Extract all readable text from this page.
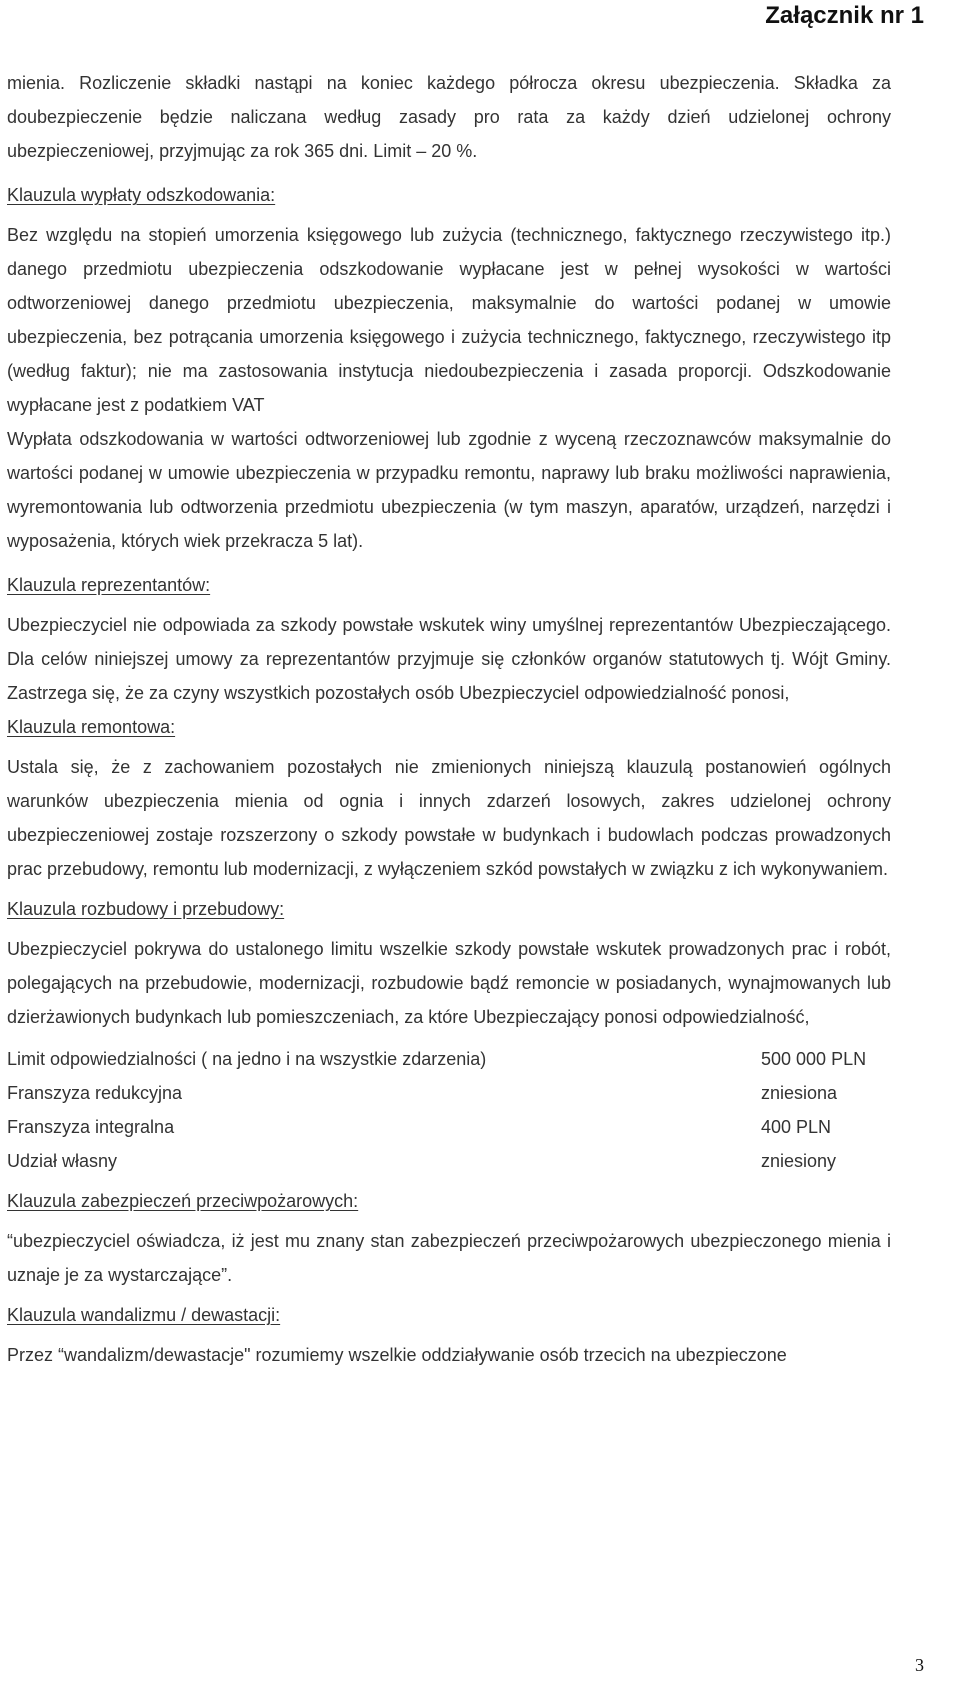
Załącznik nr 1

mienia. Rozliczenie składki nastąpi na koniec każdego półrocza okresu ubezpieczenia. Składka za doubezpieczenie będzie naliczana według zasady pro rata za każdy dzień udzielonej ochrony ubezpieczeniowej, przyjmując za rok 365 dni. Limit – 20 %.

Klauzula wypłaty odszkodowania:

Bez względu na stopień umorzenia księgowego lub zużycia (technicznego, faktycznego rzeczywistego itp.) danego przedmiotu ubezpieczenia odszkodowanie wypłacane jest w pełnej wysokości w wartości odtworzeniowej danego przedmiotu ubezpieczenia, maksymalnie do wartości podanej w umowie ubezpieczenia, bez potrącania umorzenia księgowego i zużycia technicznego, faktycznego, rzeczywistego itp (według faktur); nie ma zastosowania instytucja niedoubezpieczenia i zasada proporcji. Odszkodowanie wypłacane jest z podatkiem VAT

Wypłata odszkodowania w wartości odtworzeniowej lub zgodnie z wyceną rzeczoznawców maksymalnie do wartości podanej w umowie ubezpieczenia w przypadku remontu, naprawy lub braku możliwości naprawienia, wyremontowania lub odtworzenia przedmiotu ubezpieczenia (w tym maszyn, aparatów, urządzeń, narzędzi i wyposażenia, których wiek przekracza 5 lat).

Klauzula reprezentantów:

Ubezpieczyciel nie odpowiada za szkody powstałe wskutek winy umyślnej reprezentantów Ubezpieczającego. Dla celów niniejszej umowy za reprezentantów przyjmuje się członków organów statutowych tj. Wójt Gminy. Zastrzega się, że za czyny wszystkich pozostałych osób Ubezpieczyciel odpowiedzialność ponosi,

Klauzula remontowa:

Ustala się, że z zachowaniem pozostałych nie zmienionych niniejszą klauzulą postanowień ogólnych warunków ubezpieczenia mienia od ognia i innych zdarzeń losowych, zakres udzielonej ochrony ubezpieczeniowej zostaje rozszerzony o szkody powstałe w budynkach i budowlach podczas prowadzonych prac przebudowy, remontu lub modernizacji, z wyłączeniem szkód powstałych w związku z ich wykonywaniem.

Klauzula rozbudowy i przebudowy:

Ubezpieczyciel pokrywa do ustalonego limitu wszelkie szkody powstałe wskutek prowadzonych prac i robót, polegających na przebudowie, modernizacji, rozbudowie bądź remoncie w posiadanych, wynajmowanych lub dzierżawionych budynkach lub pomieszczeniach, za które Ubezpieczający ponosi odpowiedzialność,

Limit odpowiedzialności ( na jedno i na wszystkie zdarzenia)	500 000 PLN
Franszyza redukcyjna	zniesiona
Franszyza integralna	400 PLN
Udział własny	zniesiony

Klauzula zabezpieczeń przeciwpożarowych:

“ubezpieczyciel oświadcza, iż jest mu znany stan zabezpieczeń przeciwpożarowych ubezpieczonego mienia i uznaje je za wystarczające”.

Klauzula wandalizmu / dewastacji:

Przez “wandalizm/dewastacje" rozumiemy wszelkie oddziaływanie osób trzecich na ubezpieczone

3
